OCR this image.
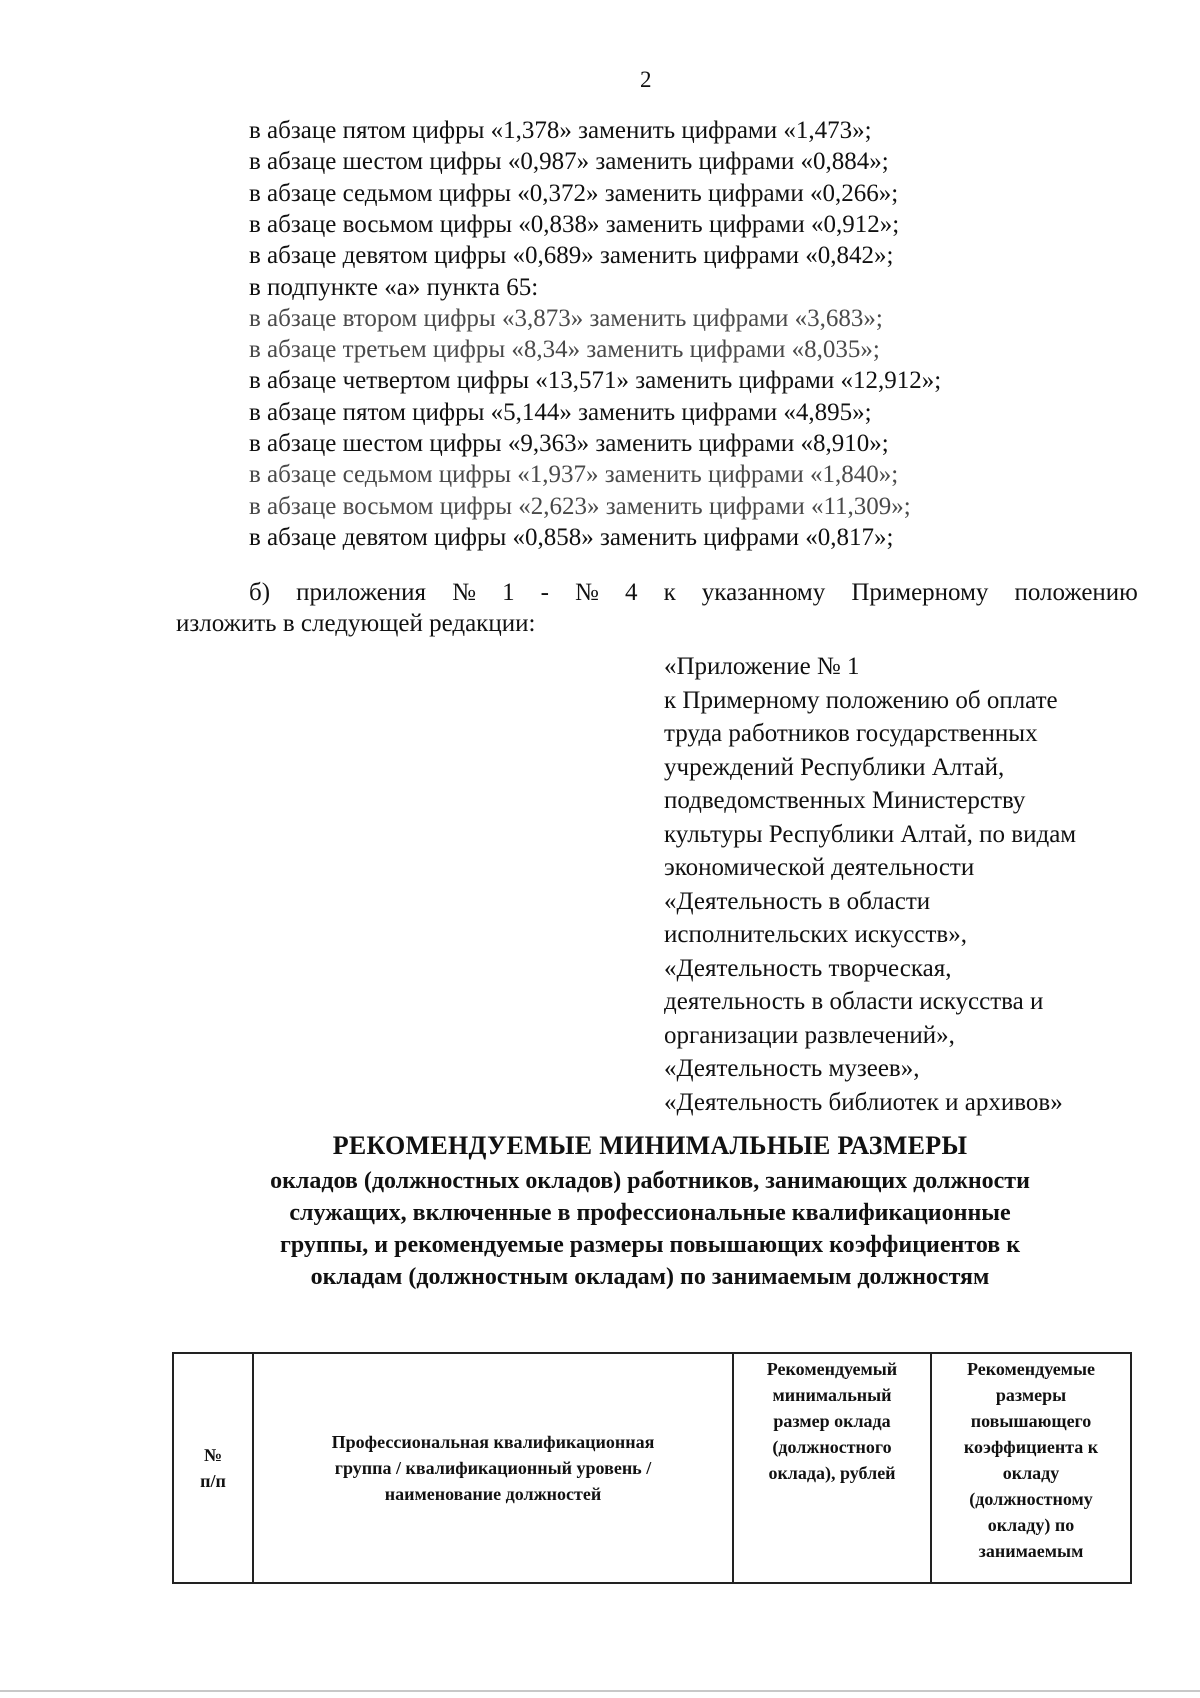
2
в абзаце пятом цифры «1,378» заменить цифрами «1,473»;
в абзаце шестом цифры «0,987» заменить цифрами «0,884»;
в абзаце седьмом цифры «0,372» заменить цифрами «0,266»;
в абзаце восьмом цифры «0,838» заменить цифрами «0,912»;
в абзаце девятом цифры «0,689» заменить цифрами «0,842»;
в подпункте «а» пункта 65:
в абзаце втором цифры «3,873» заменить цифрами «3,683»;
в абзаце третьем цифры «8,34» заменить цифрами «8,035»;
в абзаце четвертом цифры «13,571» заменить цифрами «12,912»;
в абзаце пятом цифры «5,144» заменить цифрами «4,895»;
в абзаце шестом цифры «9,363» заменить цифрами «8,910»;
в абзаце седьмом цифры «1,937» заменить цифрами «1,840»;
в абзаце восьмом цифры «2,623» заменить цифрами «11,309»;
в абзаце девятом цифры «0,858» заменить цифрами «0,817»;
б) приложения № 1 - № 4 к указанному Примерному положению
изложить в следующей редакции:
«Приложение № 1
к Примерному положению об оплате
труда работников государственных
учреждений Республики Алтай,
подведомственных Министерству
культуры Республики Алтай, по видам
экономической деятельности
«Деятельность в области
исполнительских искусств»,
«Деятельность творческая,
деятельность в области искусства и
организации развлечений»,
«Деятельность музеев»,
«Деятельность библиотек и архивов»
РЕКОМЕНДУЕМЫЕ МИНИМАЛЬНЫЕ РАЗМЕРЫ
окладов (должностных окладов) работников, занимающих должности
служащих, включенные в профессиональные квалификационные
группы, и рекомендуемые размеры повышающих коэффициентов к
окладам (должностным окладам) по занимаемым должностям
№
п/п

Профессиональная квалификационная
группа / квалификационный уровень /
наименование должностей

Рекомендуемый
минимальный
размер оклада
(должностного
оклада), рублей

Рекомендуемые
размеры
повышающего
коэффициента к
окладу
(должностному
окладу) по
занимаемым
